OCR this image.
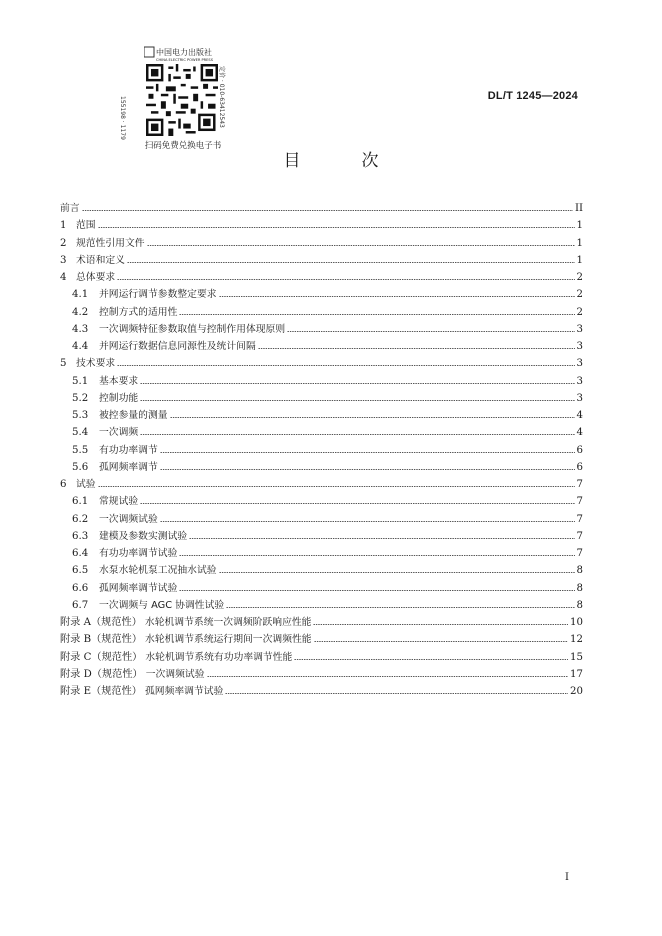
中国电力出版社
CHINA ELECTRIC POWER PRESS
155198 · 1179	定价 · 010-63412543
扫码免费兑换电子书
DL/T 1245—2024
目　次
前言	II
1 范围	1
2 规范性引用文件	1
3 术语和定义	1
4 总体要求	2
4.1	并网运行调节参数整定要求	2
4.2	控制方式的适用性	2
4.3	一次调频特征参数取值与控制作用体现原则	3
4.4	并网运行数据信息同源性及统计间隔	3
5 技术要求	3
5.1	基本要求	3
5.2	控制功能	3
5.3	被控参量的测量	4
5.4	一次调频	4
5.5	有功功率调节	6
5.6	孤网频率调节	6
6 试验	7
6.1	常规试验	7
6.2	一次调频试验	7
6.3	建模及参数实测试验	7
6.4	有功功率调节试验	7
6.5	水泵水轮机泵工况抽水试验	8
6.6	孤网频率调节试验	8
6.7	一次调频与 AGC 协调性试验	8
附录 A（规范性） 水轮机调节系统一次调频阶跃响应性能	10
附录 B（规范性） 水轮机调节系统运行期间一次调频性能	12
附录 C（规范性） 水轮机调节系统有功功率调节性能	15
附录 D（规范性） 一次调频试验	17
附录 E（规范性） 孤网频率调节试验	20
I
